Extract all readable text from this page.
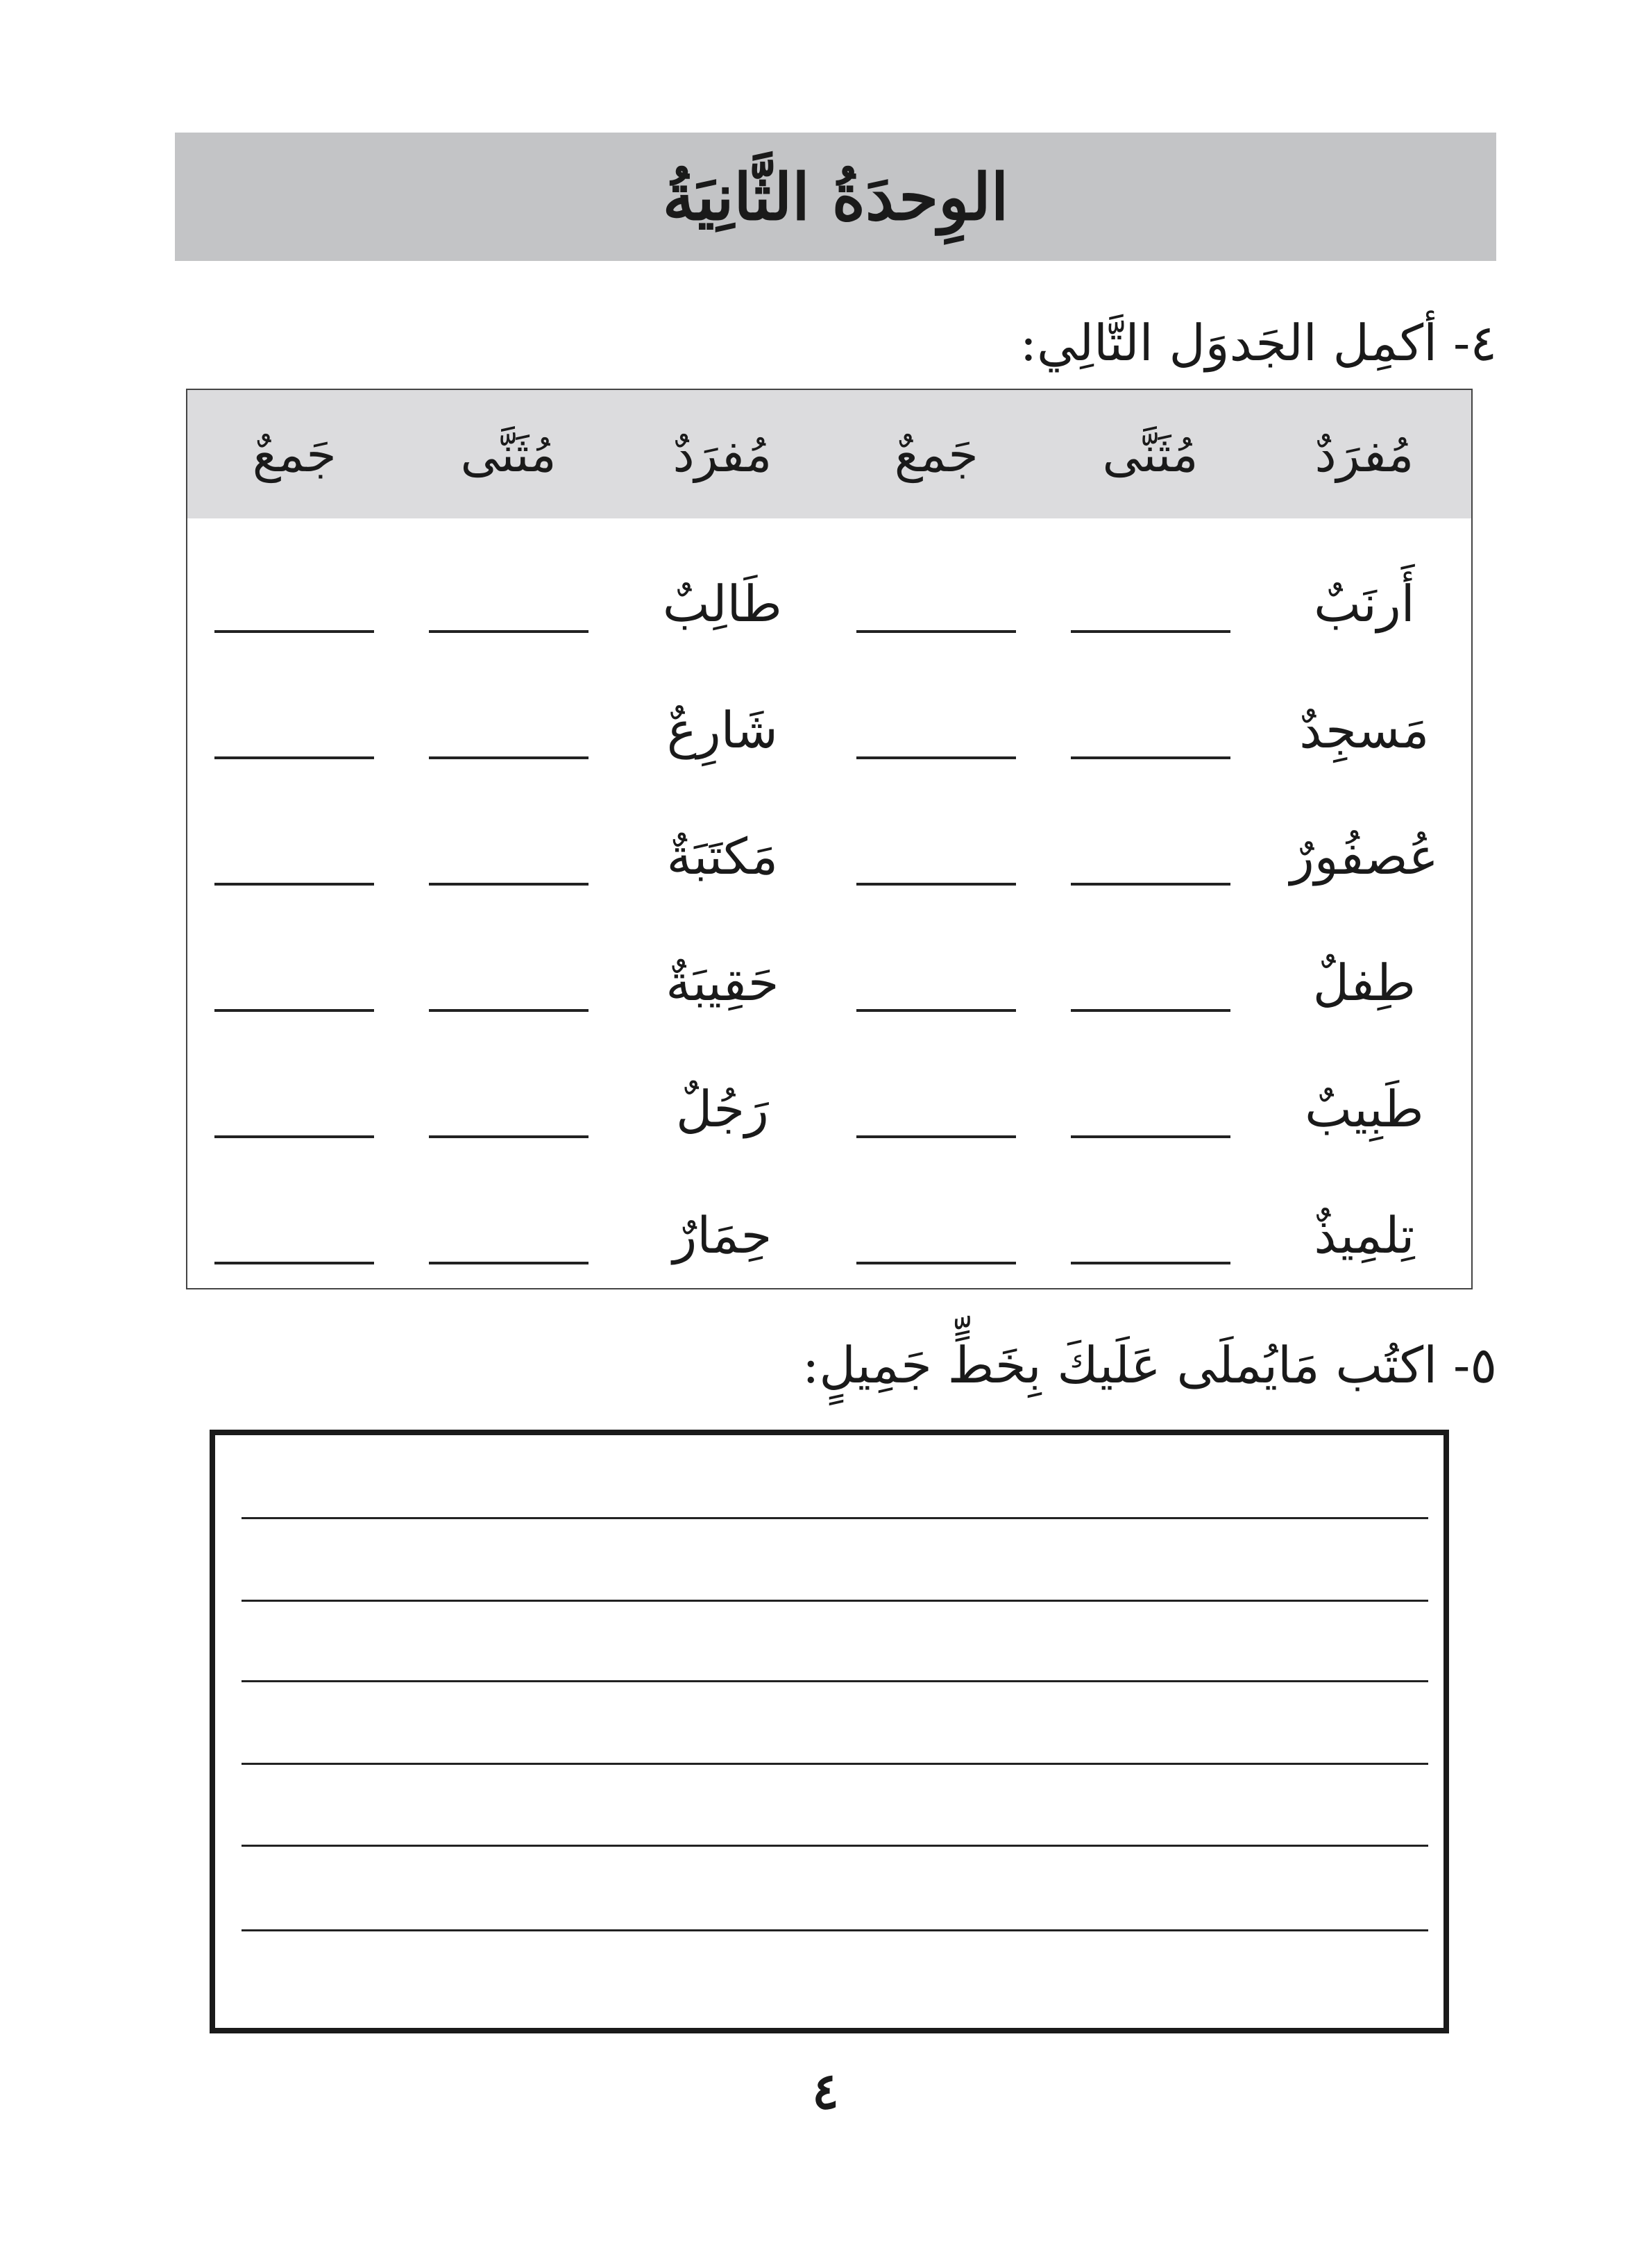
الوِحدَةُ الثَّانِيَةُ
٤- أكمِل الجَدوَل التَّالِي:
مُفرَدٌ
مُثَنَّى
جَمعٌ
مُفرَدٌ
مُثَنَّى
جَمعٌ
أَرنَبٌ
طَالِبٌ
مَسجِدٌ
شَارِعٌ
عُصفُورٌ
مَكتَبَةٌ
طِفلٌ
حَقِيبَةٌ
طَبِيبٌ
رَجُلٌ
تِلمِيذٌ
حِمَارٌ
٥- اكتُب مَايُملَى عَلَيكَ بِخَطٍّ جَمِيلٍ:
٤
